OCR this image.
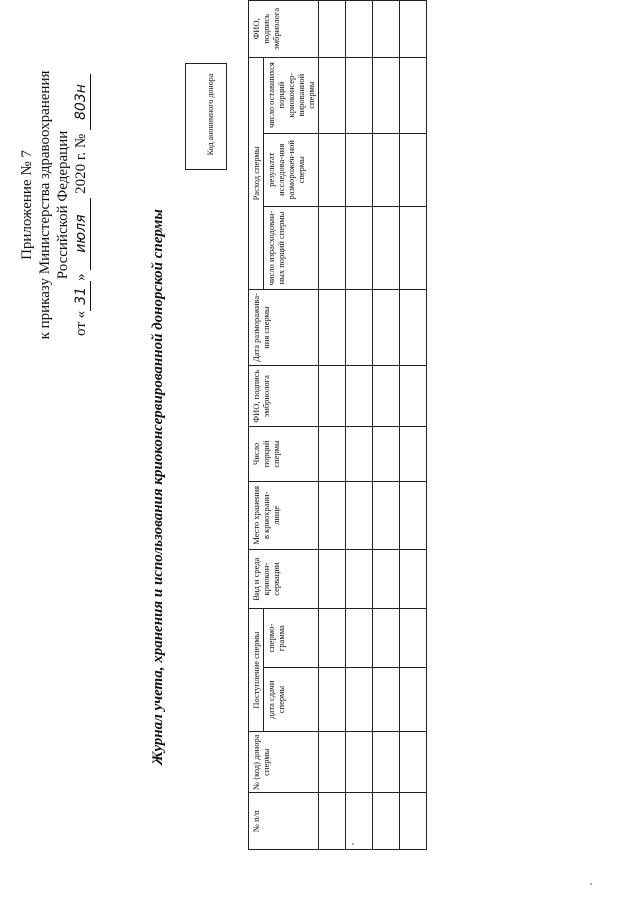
Приложение № 7 к приказу Министерства здравоохранения Российской Федерации
от «31» июля 2020 г. № 803н
Журнал учета, хранения и использования криоконсервированной донорской спермы
Код анонимного донора
№ п/п	№ (код) донора спермы	Поступление спермы		Вид и среда криокон-сервации	Место хранения в криохрани-лище	Число порций спермы	ФИО, подпись эмбриолога	Дата разморажива-ния спермы	Расход спермы			ФИО, подпись эмбриолога
		дата сдачи спермы	спермо-грамма						число израсходован-ных порций спермы	результат исследова-ния разморожен-ной спермы	число оставшихся порций криоконсер-вированной спермы	
